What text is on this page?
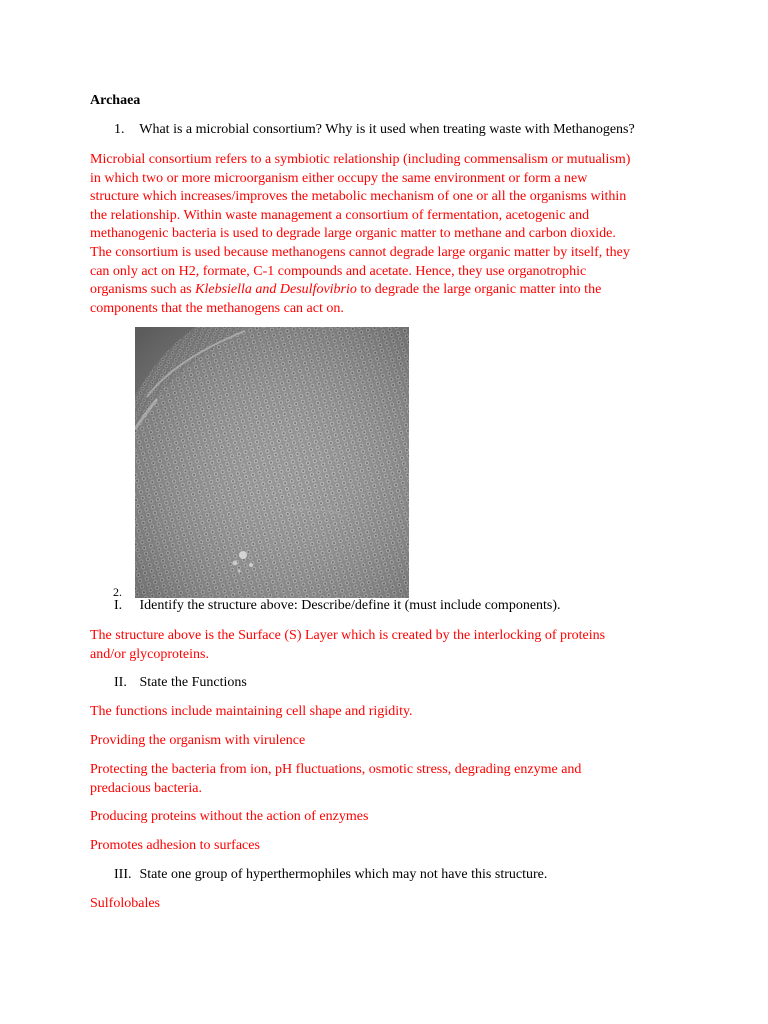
Archaea
1. What is a microbial consortium? Why is it used when treating waste with Methanogens?
Microbial consortium refers to a symbiotic relationship (including commensalism or mutualism)
in which two or more microorganism either occupy the same environment or form a new
structure which increases/improves the metabolic mechanism of one or all the organisms within
the relationship. Within waste management a consortium of fermentation, acetogenic and
methanogenic bacteria is used to degrade large organic matter to methane and carbon dioxide.
The consortium is used because methanogens cannot degrade large organic matter by itself, they
can only act on H2, formate, C-1 compounds and acetate. Hence, they use organotrophic
organisms such as Klebsiella and Desulfovibrio to degrade the large organic matter into the
components that the methanogens can act on.
2.
I. Identify the structure above: Describe/define it (must include components).
The structure above is the Surface (S) Layer which is created by the interlocking of proteins
and/or glycoproteins.
II. State the Functions
The functions include maintaining cell shape and rigidity.
Providing the organism with virulence
Protecting the bacteria from ion, pH fluctuations, osmotic stress, degrading enzyme and
predacious bacteria.
Producing proteins without the action of enzymes
Promotes adhesion to surfaces
III. State one group of hyperthermophiles which may not have this structure.
Sulfolobales
